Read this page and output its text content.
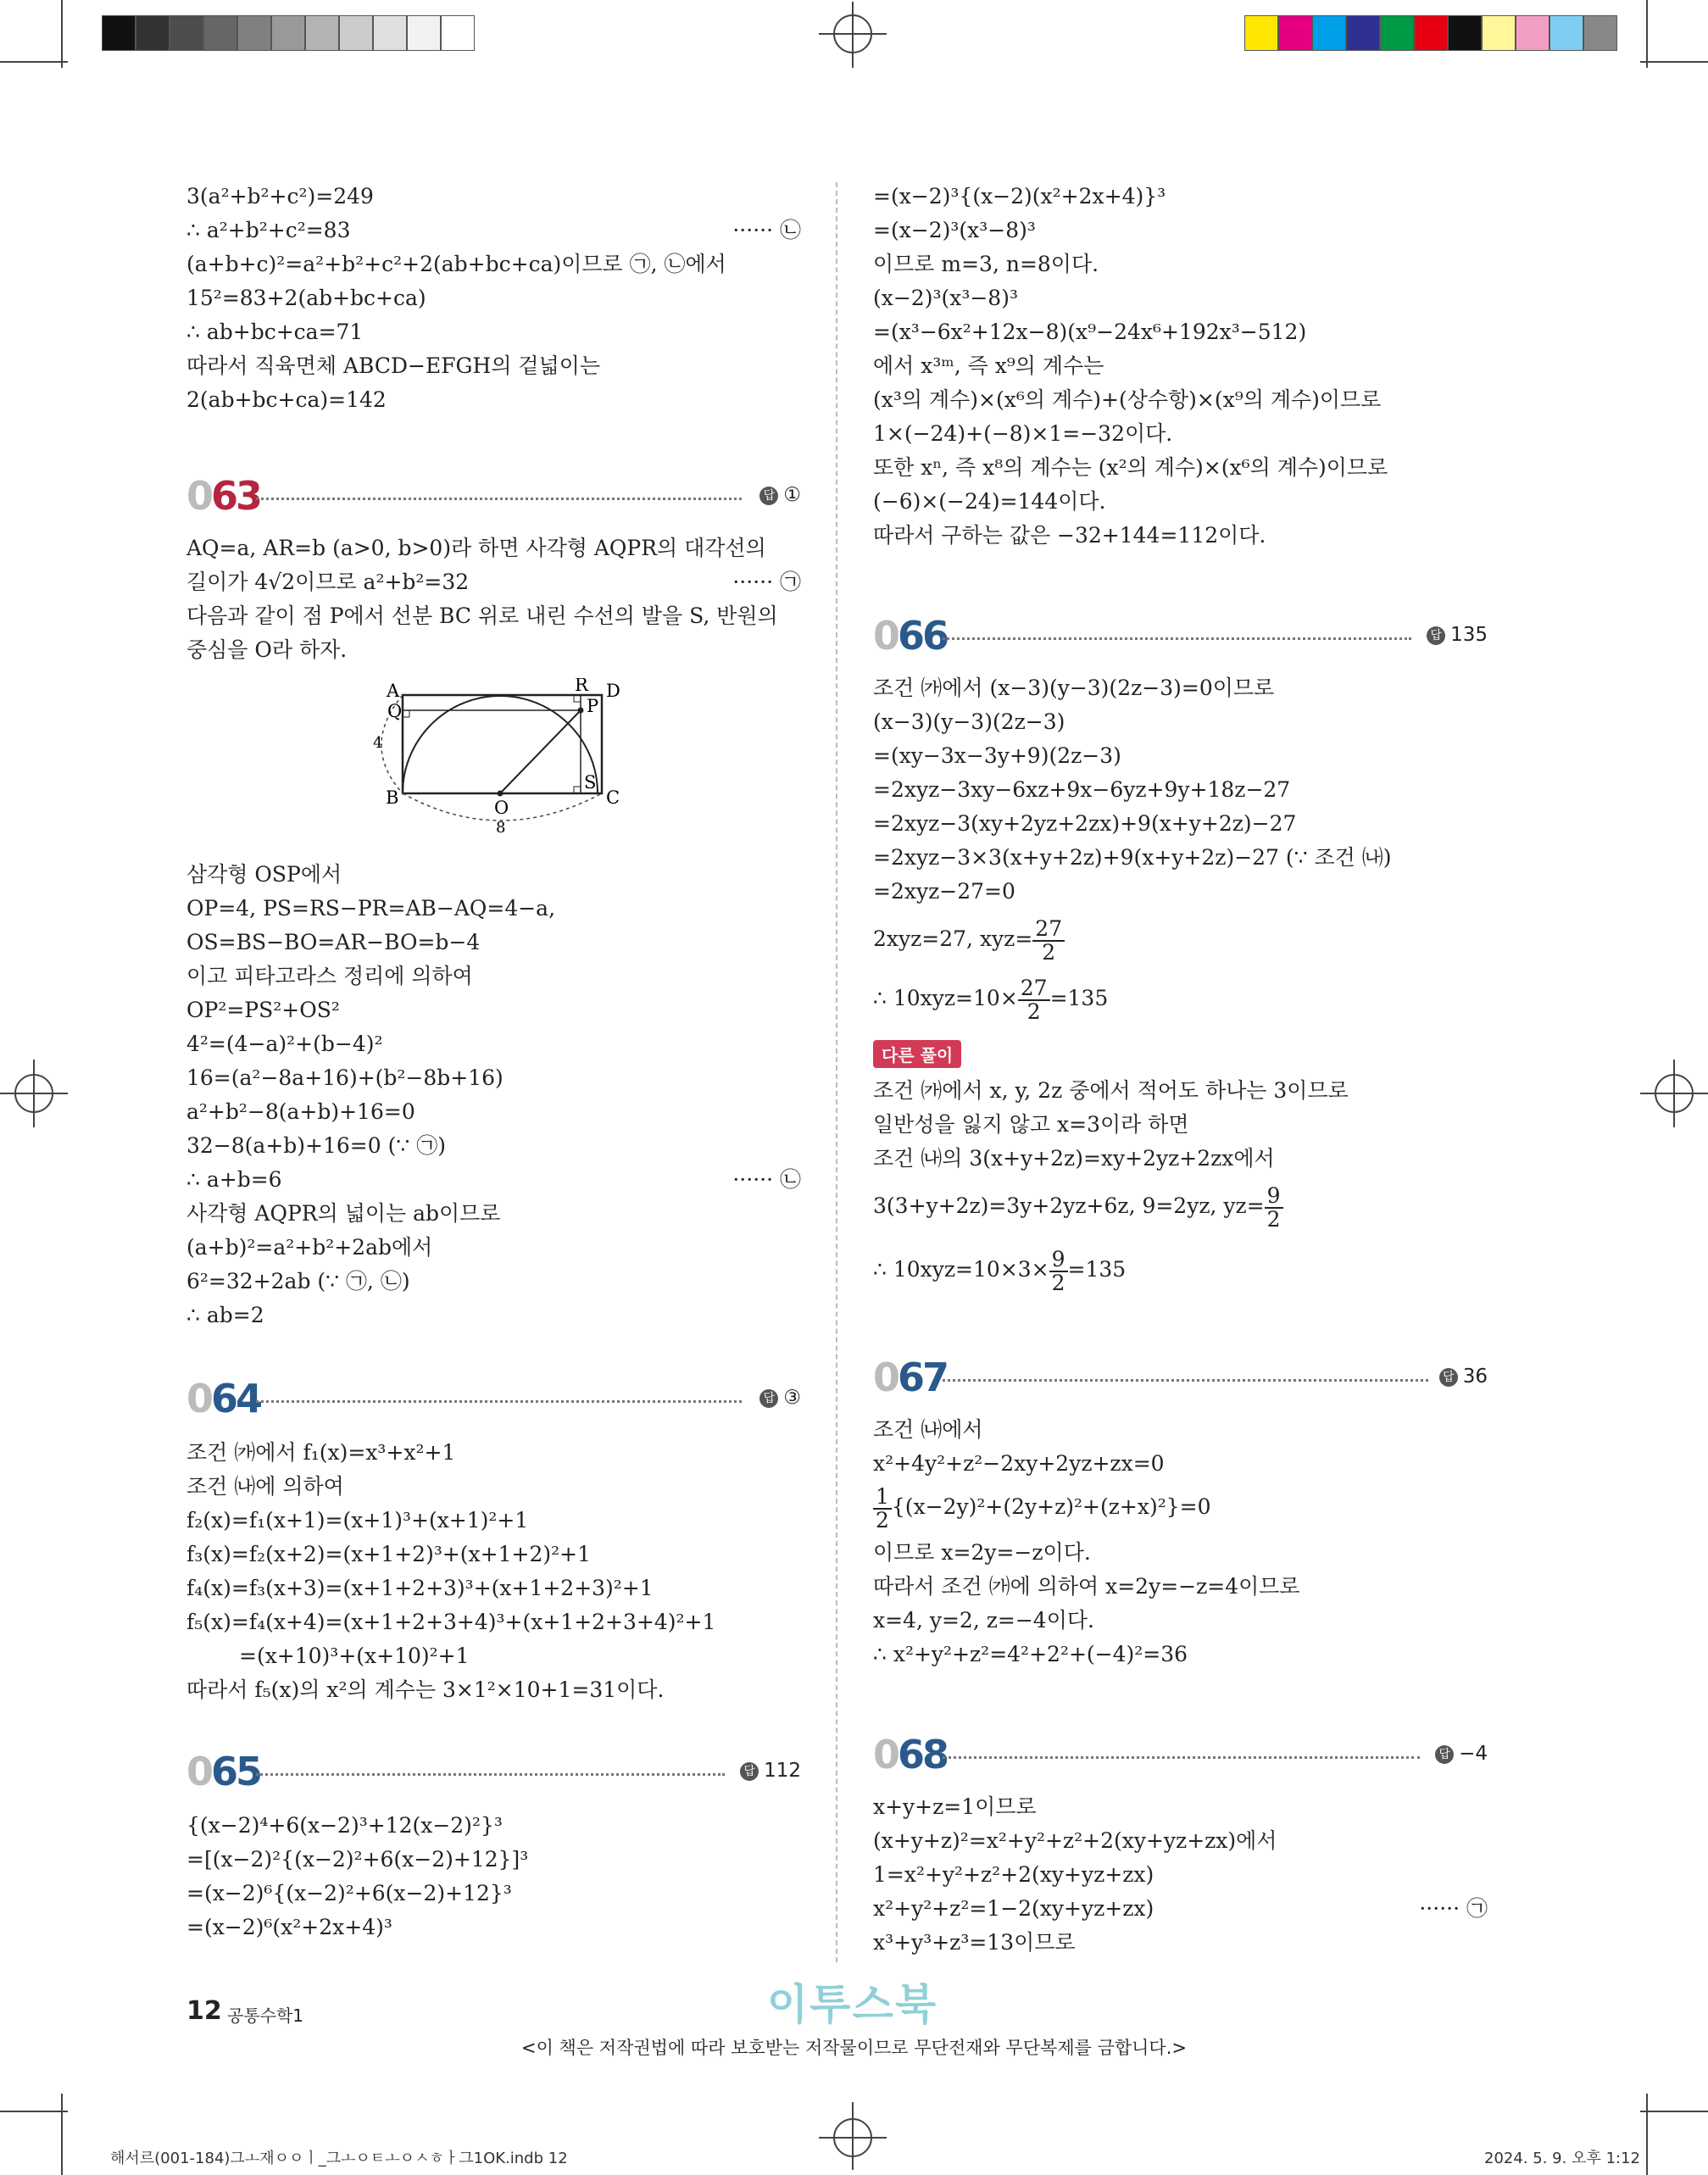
3(a²+b²+c²)=249
∴ a²+b²+c²=83	······ ㉡
(a+b+c)²=a²+b²+c²+2(ab+bc+ca)이므로 ㉠, ㉡에서
15²=83+2(ab+bc+ca)
∴ ab+bc+ca=71
따라서 직육면체 ABCD−EFGH의 겉넓이는
2(ab+bc+ca)=142
063	답 ①
AQ=a, AR=b (a>0, b>0)라 하면 사각형 AQPR의 대각선의
길이가 4√2이므로 a²+b²=32	······ ㉠
다음과 같이 점 P에서 선분 BC 위로 내린 수선의 발을 S, 반원의
중심을 O라 하자.
A	R D
Q	P
4
B	O
S
C
8
삼각형 OSP에서
OP=4, PS=RS−PR=AB−AQ=4−a,
OS=BS−BO=AR−BO=b−4
이고 피타고라스 정리에 의하여
OP²=PS²+OS²
4²=(4−a)²+(b−4)²
16=(a²−8a+16)+(b²−8b+16)
a²+b²−8(a+b)+16=0
32−8(a+b)+16=0 (∵ ㉠)
∴ a+b=6	······ ㉡
사각형 AQPR의 넓이는 ab이므로
(a+b)²=a²+b²+2ab에서
6²=32+2ab (∵ ㉠, ㉡)
∴ ab=2
064	답 ③
조건 ㈎에서 f₁(x)=x³+x²+1
조건 ㈏에 의하여
f₂(x)=f₁(x+1)=(x+1)³+(x+1)²+1
f₃(x)=f₂(x+2)=(x+1+2)³+(x+1+2)²+1
f₄(x)=f₃(x+3)=(x+1+2+3)³+(x+1+2+3)²+1
f₅(x)=f₄(x+4)=(x+1+2+3+4)³+(x+1+2+3+4)²+1
=(x+10)³+(x+10)²+1
따라서 f₅(x)의 x²의 계수는 3×1²×10+1=31이다.
065	답 112
{(x−2)⁴+6(x−2)³+12(x−2)²}³
=[(x−2)²{(x−2)²+6(x−2)+12}]³
=(x−2)⁶{(x−2)²+6(x−2)+12}³
=(x−2)⁶(x²+2x+4)³
=(x−2)³{(x−2)(x²+2x+4)}³
=(x−2)³(x³−8)³
이므로 m=3, n=8이다.
(x−2)³(x³−8)³
=(x³−6x²+12x−8)(x⁹−24x⁶+192x³−512)
에서 x³ᵐ, 즉 x⁹의 계수는
(x³의 계수)×(x⁶의 계수)+(상수항)×(x⁹의 계수)이므로
1×(−24)+(−8)×1=−32이다.
또한 xⁿ, 즉 x⁸의 계수는 (x²의 계수)×(x⁶의 계수)이므로
(−6)×(−24)=144이다.
따라서 구하는 값은 −32+144=112이다.
066	답 135
조건 ㈎에서 (x−3)(y−3)(2z−3)=0이므로
(x−3)(y−3)(2z−3)
=(xy−3x−3y+9)(2z−3)
=2xyz−3xy−6xz+9x−6yz+9y+18z−27
=2xyz−3(xy+2yz+2zx)+9(x+y+2z)−27
=2xyz−3×3(x+y+2z)+9(x+y+2z)−27 (∵ 조건 ㈏)
=2xyz−27=0
2xyz=27, $xyz= \frac{27}{2}$
∴ $10xyz=10\times \frac{27}{2} =135$
다른 풀이
조건 ㈎에서 x, y, 2z 중에서 적어도 하나는 3이므로
일반성을 잃지 않고 x=3이라 하면
조건 ㈏의 3(x+y+2z)=xy+2yz+2zx에서
3(3+y+2z)=3y+2yz+6z, 9=2yz, $yz= \frac{9}{2}$
∴ $10xyz=10\times 3\times \frac{9}{2} =135$
067	답 36
조건 ㈏에서
x²+4y²+z²−2xy+2yz+zx=0
$\frac{1}{2} \{(x-2y)^2+(2y+z)^2+(z+x)^2\}=0$
이므로 x=2y=−z이다.
따라서 조건 ㈎에 의하여 x=2y=−z=4이므로
x=4, y=2, z=−4이다.
∴ x²+y²+z²=4²+2²+(−4)²=36
068	답 −4
x+y+z=1이므로
(x+y+z)²=x²+y²+z²+2(xy+yz+zx)에서
1=x²+y²+z²+2(xy+yz+zx)
x²+y²+z²=1−2(xy+yz+zx)	······ ㉠
x³+y³+z³=13이므로
12 공통수학1	이투스북
<이 책은 저작권법에 따라 보호받는 저작물이므로 무단전재와 무단복제를 금합니다.>
해서르(001-184)그ㅗ재ㅇㅇㅣ_그ㅗㅇㅌㅗㅇㅅㅎㅏ그1OK.indb 12	2024. 5. 9. 오후 1:12
